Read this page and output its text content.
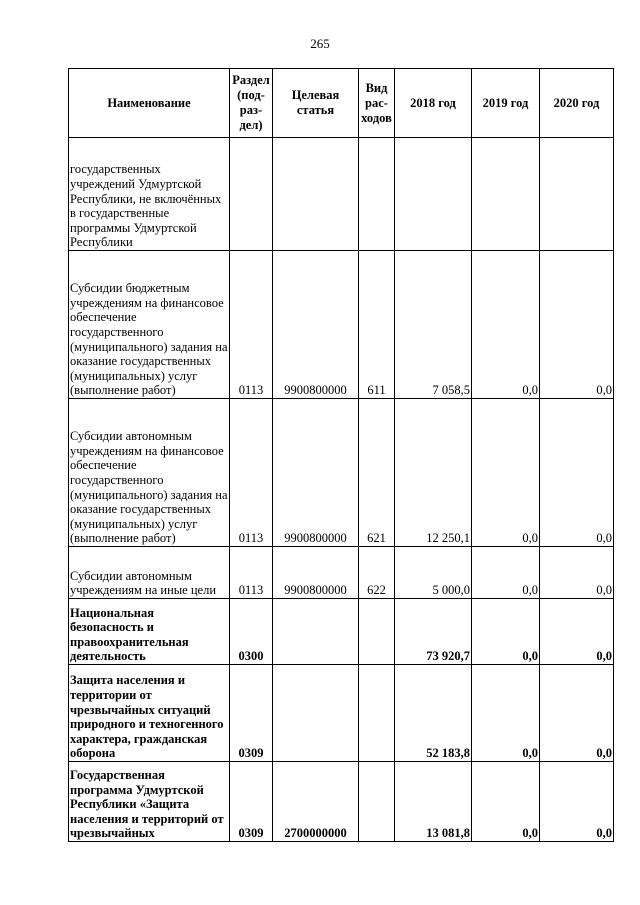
265
Наименование	Раздел (под- раз- дел)	Целевая статья	Вид рас- ходов	2018 год	2019 год	2020 год
государственных учреждений Удмуртской Республики, не включённых в государственные программы Удмуртской Республики						
Субсидии бюджетным учреждениям на финансовое обеспечение государственного (муниципального) задания на оказание государственных (муниципальных) услуг (выполнение работ)	0113	9900800000	611	7 058,5	0,0	0,0
Субсидии автономным учреждениям на финансовое обеспечение государственного (муниципального) задания на оказание государственных (муниципальных) услуг (выполнение работ)	0113	9900800000	621	12 250,1	0,0	0,0
Субсидии автономным учреждениям на иные цели	0113	9900800000	622	5 000,0	0,0	0,0
Национальная безопасность и правоохранительная деятельность	0300			73 920,7	0,0	0,0
Защита населения и территории от чрезвычайных ситуаций природного и техногенного характера, гражданская оборона	0309			52 183,8	0,0	0,0
Государственная программа Удмуртской Республики «Защита населения и территорий от чрезвычайных	0309	2700000000		13 081,8	0,0	0,0
